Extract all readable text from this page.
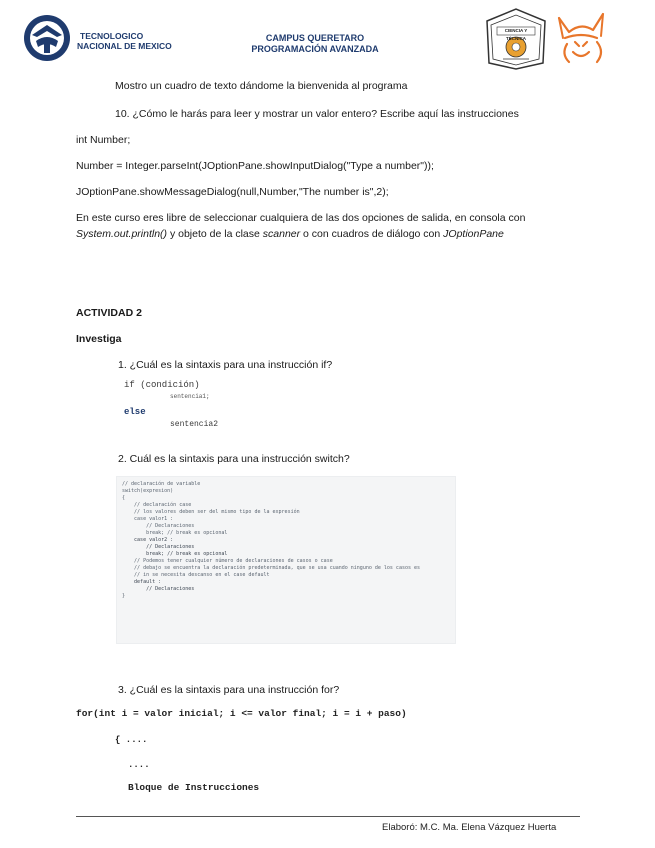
TECNOLOGICO
NACIONAL DE MEXICO
CAMPUS QUERETARO
PROGRAMACIÓN AVANZADA
CIENCIA Y TÉCNICA
Mostro un cuadro de texto dándome la bienvenida al programa
10. ¿Cómo le harás para leer y mostrar un valor entero? Escribe aquí las instrucciones
int Number;
Number = Integer.parseInt(JOptionPane.showInputDialog("Type a number"));
JOptionPane.showMessageDialog(null,Number,"The number is",2);
En este curso eres libre de seleccionar cualquiera de las dos opciones de salida, en consola con
System.out.println() y objeto de la clase scanner o con cuadros de diálogo con JOptionPane
ACTIVIDAD 2
Investiga
1. ¿Cuál es la sintaxis para una instrucción if?
if (condición)
sentencia1;
else
sentencia2
2. Cuál es la sintaxis para una instrucción switch?
// declaración de variable
switch(expresion)
{
// declaración case
// los valores deben ser del mismo tipo de la expresión
case valor1 :
// Declaraciones
break; // break es opcional
case valor2 :
// Declaraciones
break; // break es opcional
// Podemos tener cualquier número de declaraciones de casos o case
// debajo se encuentra la declaración predeterminada, que se usa cuando ninguno de los casos es
// in se necesita descanso en el case default
default :
// Declaraciones
}
3. ¿Cuál es la sintaxis para una instrucción for?
for(int i = valor inicial; i <= valor final; i = i + paso)
{ ....
....
Bloque de Instrucciones
Elaboró: M.C. Ma. Elena Vázquez Huerta
